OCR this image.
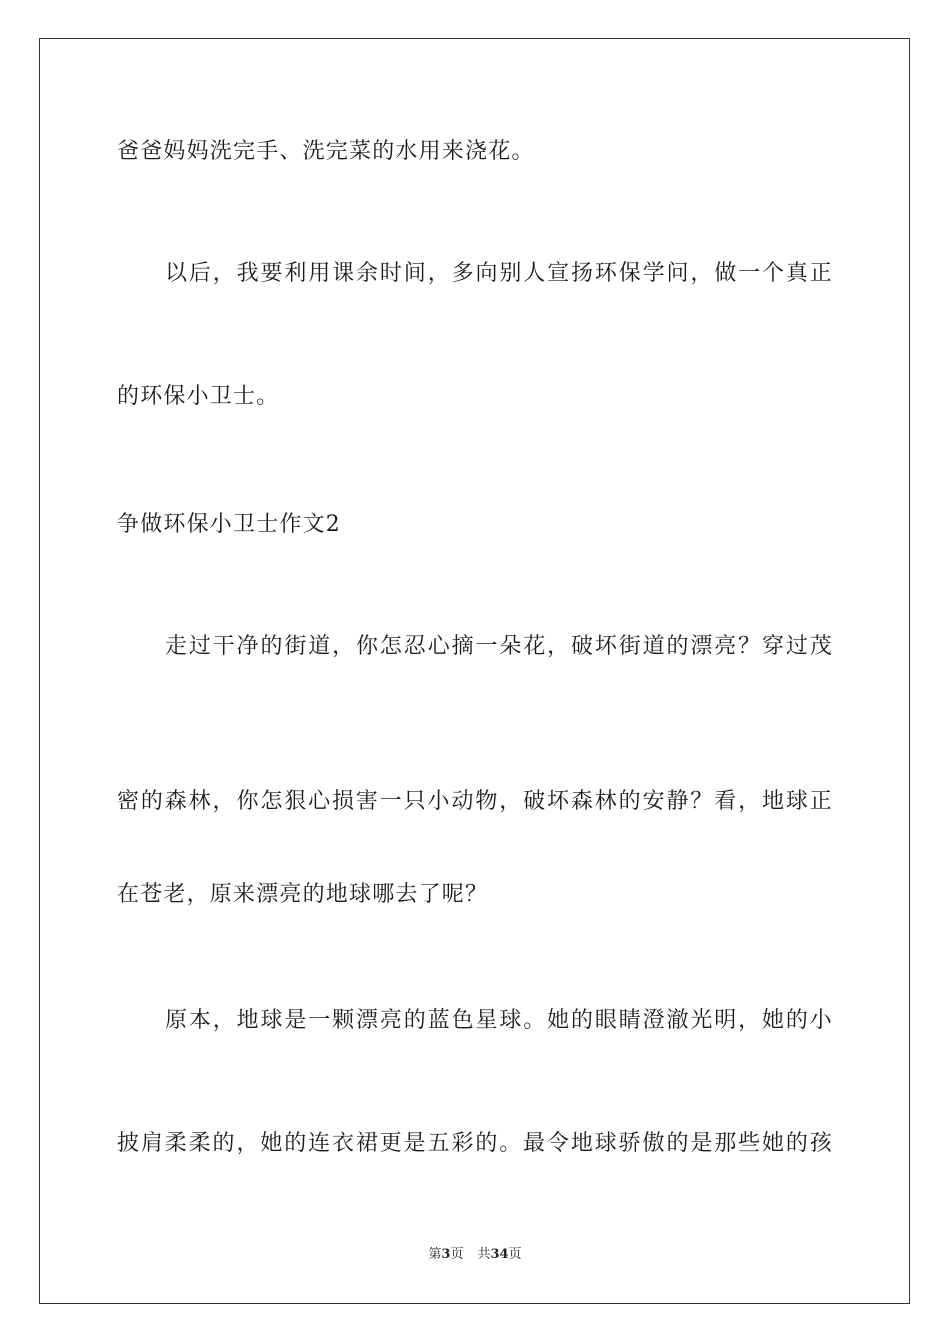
爸爸妈妈洗完手、洗完菜的水用来浇花。
以后，我要利用课余时间，多向别人宣扬环保学问，做一个真正
的环保小卫士。
争做环保小卫士作文2
走过干净的街道，你怎忍心摘一朵花，破坏街道的漂亮？穿过茂
密的森林，你怎狠心损害一只小动物，破坏森林的安静？看，地球正
在苍老，原来漂亮的地球哪去了呢？
原本，地球是一颗漂亮的蓝色星球。她的眼睛澄澈光明，她的小
披肩柔柔的，她的连衣裙更是五彩的。最令地球骄傲的是那些她的孩
第3页 共34页
